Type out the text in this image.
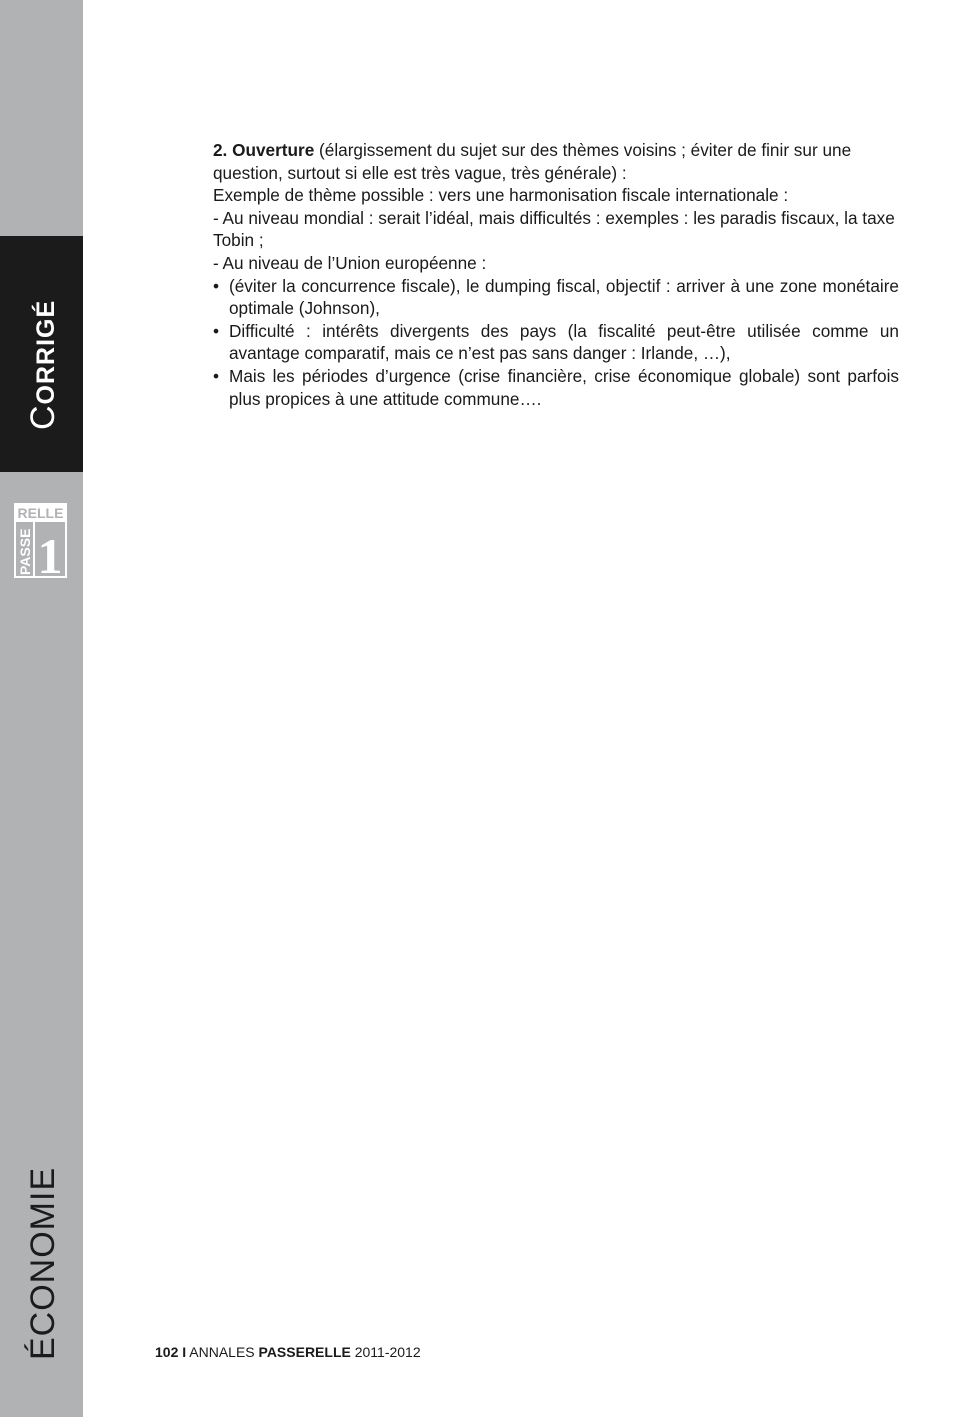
CORRIGÉ
RELLE
PASSE 1
ÉCONOMIE

2. Ouverture (élargissement du sujet sur des thèmes voisins ; éviter de finir sur une question, surtout si elle est très vague, très générale) :

Exemple de thème possible : vers une harmonisation fiscale internationale :

- Au niveau mondial : serait l’idéal, mais difficultés : exemples : les paradis fiscaux, la taxe Tobin ;

- Au niveau de l’Union européenne :

• (éviter la concurrence fiscale), le dumping fiscal, objectif : arriver à une zone monétaire optimale (Johnson),
• Difficulté : intérêts divergents des pays (la fiscalité peut-être utilisée comme un avantage comparatif, mais ce n’est pas sans danger : Irlande, …),
• Mais les périodes d’urgence (crise financière, crise économique globale) sont parfois plus propices à une attitude commune….
102 I ANNALES PASSERELLE 2011-2012
